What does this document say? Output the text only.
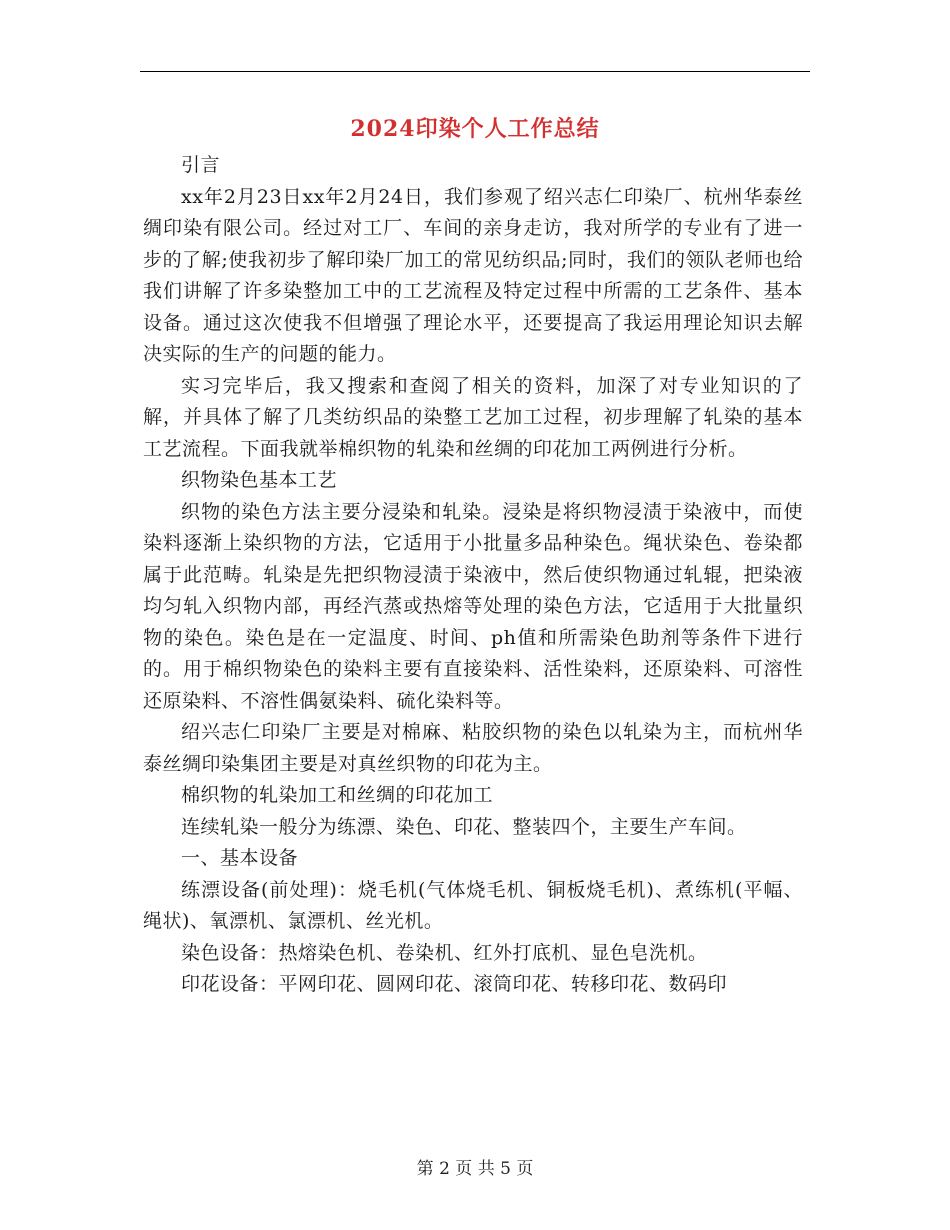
2024印染个人工作总结

引言

xx年2月23日xx年2月24日，我们参观了绍兴志仁印染厂、杭州华泰丝绸印染有限公司。经过对工厂、车间的亲身走访，我对所学的专业有了进一步的了解;使我初步了解印染厂加工的常见纺织品;同时，我们的领队老师也给我们讲解了许多染整加工中的工艺流程及特定过程中所需的工艺条件、基本设备。通过这次使我不但增强了理论水平，还要提高了我运用理论知识去解决实际的生产的问题的能力。

实习完毕后，我又搜索和查阅了相关的资料，加深了对专业知识的了解，并具体了解了几类纺织品的染整工艺加工过程，初步理解了轧染的基本工艺流程。下面我就举棉织物的轧染和丝绸的印花加工两例进行分析。

织物染色基本工艺

织物的染色方法主要分浸染和轧染。浸染是将织物浸渍于染液中，而使染料逐渐上染织物的方法，它适用于小批量多品种染色。绳状染色、卷染都属于此范畴。轧染是先把织物浸渍于染液中，然后使织物通过轧辊，把染液均匀轧入织物内部，再经汽蒸或热熔等处理的染色方法，它适用于大批量织物的染色。染色是在一定温度、时间、ph值和所需染色助剂等条件下进行的。用于棉织物染色的染料主要有直接染料、活性染料，还原染料、可溶性还原染料、不溶性偶氨染料、硫化染料等。

绍兴志仁印染厂主要是对棉麻、粘胶织物的染色以轧染为主，而杭州华泰丝绸印染集团主要是对真丝织物的印花为主。

棉织物的轧染加工和丝绸的印花加工

连续轧染一般分为练漂、染色、印花、整装四个，主要生产车间。

一、基本设备

练漂设备(前处理)：烧毛机(气体烧毛机、铜板烧毛机)、煮练机(平幅、绳状)、氧漂机、氯漂机、丝光机。

染色设备：热熔染色机、卷染机、红外打底机、显色皂洗机。

印花设备：平网印花、圆网印花、滚筒印花、转移印花、数码印

第 2 页 共 5 页
